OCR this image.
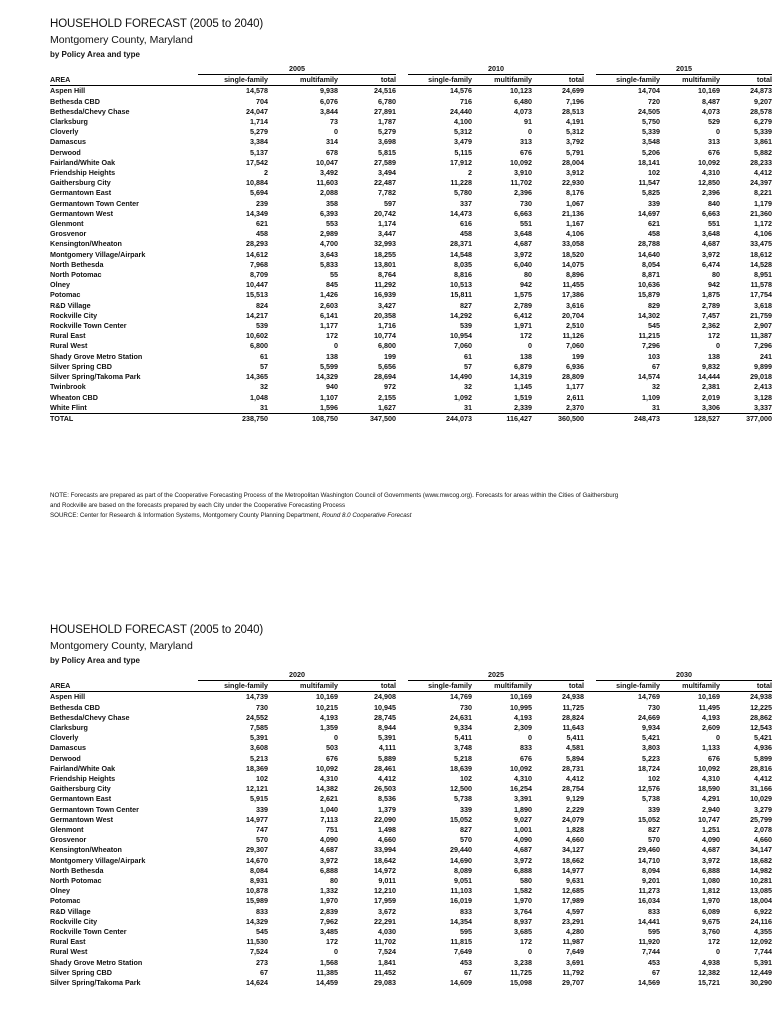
HOUSEHOLD FORECAST (2005 to 2040)
Montgomery County, Maryland
by Policy Area and type
	2005				2010				2015		
AREA	single-family	multifamily	total		single-family	multifamily	total		single-family	multifamily	total
Aspen Hill	14,578	9,938	24,516		14,576	10,123	24,699		14,704	10,169	24,873
Bethesda CBD	704	6,076	6,780		716	6,480	7,196		720	8,487	9,207
Bethesda/Chevy Chase	24,047	3,844	27,891		24,440	4,073	28,513		24,505	4,073	28,578
Clarksburg	1,714	73	1,787		4,100	91	4,191		5,750	529	6,279
Cloverly	5,279	0	5,279		5,312	0	5,312		5,339	0	5,339
Damascus	3,384	314	3,698		3,479	313	3,792		3,548	313	3,861
Derwood	5,137	678	5,815		5,115	676	5,791		5,206	676	5,882
Fairland/White Oak	17,542	10,047	27,589		17,912	10,092	28,004		18,141	10,092	28,233
Friendship Heights	2	3,492	3,494		2	3,910	3,912		102	4,310	4,412
Gaithersburg City	10,884	11,603	22,487		11,228	11,702	22,930		11,547	12,850	24,397
Germantown East	5,694	2,088	7,782		5,780	2,396	8,176		5,825	2,396	8,221
Germantown Town Center	239	358	597		337	730	1,067		339	840	1,179
Germantown West	14,349	6,393	20,742		14,473	6,663	21,136		14,697	6,663	21,360
Glenmont	621	553	1,174		616	551	1,167		621	551	1,172
Grosvenor	458	2,989	3,447		458	3,648	4,106		458	3,648	4,106
Kensington/Wheaton	28,293	4,700	32,993		28,371	4,687	33,058		28,788	4,687	33,475
Montgomery Village/Airpark	14,612	3,643	18,255		14,548	3,972	18,520		14,640	3,972	18,612
North Bethesda	7,968	5,833	13,801		8,035	6,040	14,075		8,054	6,474	14,528
North Potomac	8,709	55	8,764		8,816	80	8,896		8,871	80	8,951
Olney	10,447	845	11,292		10,513	942	11,455		10,636	942	11,578
Potomac	15,513	1,426	16,939		15,811	1,575	17,386		15,879	1,875	17,754
R&D Village	824	2,603	3,427		827	2,789	3,616		829	2,789	3,618
Rockville City	14,217	6,141	20,358		14,292	6,412	20,704		14,302	7,457	21,759
Rockville Town Center	539	1,177	1,716		539	1,971	2,510		545	2,362	2,907
Rural East	10,602	172	10,774		10,954	172	11,126		11,215	172	11,387
Rural West	6,800	0	6,800		7,060	0	7,060		7,296	0	7,296
Shady Grove Metro Station	61	138	199		61	138	199		103	138	241
Silver Spring CBD	57	5,599	5,656		57	6,879	6,936		67	9,832	9,899
Silver Spring/Takoma Park	14,365	14,329	28,694		14,490	14,319	28,809		14,574	14,444	29,018
Twinbrook	32	940	972		32	1,145	1,177		32	2,381	2,413
Wheaton CBD	1,048	1,107	2,155		1,092	1,519	2,611		1,109	2,019	3,128
White Flint	31	1,596	1,627		31	2,339	2,370		31	3,306	3,337
TOTAL	238,750	108,750	347,500		244,073	116,427	360,500		248,473	128,527	377,000
NOTE: Forecasts are prepared as part of the Cooperative Forecasting Process of the Metropolitan Washington Council of Governments (www.mwcog.org). Forecasts for areas within the Cities of Gaithersburg
and Rockville are based on the forecasts prepared by each City under the Cooperative Forecasting Process
SOURCE: Center for Research & Information Systems, Montgomery County Planning Department, Round 8.0 Cooperative Forecast
HOUSEHOLD FORECAST (2005 to 2040)
Montgomery County, Maryland
by Policy Area and type
	2020				2025				2030		
AREA	single-family	multifamily	total		single-family	multifamily	total		single-family	multifamily	total
Aspen Hill	14,739	10,169	24,908		14,769	10,169	24,938		14,769	10,169	24,938
Bethesda CBD	730	10,215	10,945		730	10,995	11,725		730	11,495	12,225
Bethesda/Chevy Chase	24,552	4,193	28,745		24,631	4,193	28,824		24,669	4,193	28,862
Clarksburg	7,585	1,359	8,944		9,334	2,309	11,643		9,934	2,609	12,543
Cloverly	5,391	0	5,391		5,411	0	5,411		5,421	0	5,421
Damascus	3,608	503	4,111		3,748	833	4,581		3,803	1,133	4,936
Derwood	5,213	676	5,889		5,218	676	5,894		5,223	676	5,899
Fairland/White Oak	18,369	10,092	28,461		18,639	10,092	28,731		18,724	10,092	28,816
Friendship Heights	102	4,310	4,412		102	4,310	4,412		102	4,310	4,412
Gaithersburg City	12,121	14,382	26,503		12,500	16,254	28,754		12,576	18,590	31,166
Germantown East	5,915	2,621	8,536		5,738	3,391	9,129		5,738	4,291	10,029
Germantown Town Center	339	1,040	1,379		339	1,890	2,229		339	2,940	3,279
Germantown West	14,977	7,113	22,090		15,052	9,027	24,079		15,052	10,747	25,799
Glenmont	747	751	1,498		827	1,001	1,828		827	1,251	2,078
Grosvenor	570	4,090	4,660		570	4,090	4,660		570	4,090	4,660
Kensington/Wheaton	29,307	4,687	33,994		29,440	4,687	34,127		29,460	4,687	34,147
Montgomery Village/Airpark	14,670	3,972	18,642		14,690	3,972	18,662		14,710	3,972	18,682
North Bethesda	8,084	6,888	14,972		8,089	6,888	14,977		8,094	6,888	14,982
North Potomac	8,931	80	9,011		9,051	580	9,631		9,201	1,080	10,281
Olney	10,878	1,332	12,210		11,103	1,582	12,685		11,273	1,812	13,085
Potomac	15,989	1,970	17,959		16,019	1,970	17,989		16,034	1,970	18,004
R&D Village	833	2,839	3,672		833	3,764	4,597		833	6,089	6,922
Rockville City	14,329	7,962	22,291		14,354	8,937	23,291		14,441	9,675	24,116
Rockville Town Center	545	3,485	4,030		595	3,685	4,280		595	3,760	4,355
Rural East	11,530	172	11,702		11,815	172	11,987		11,920	172	12,092
Rural West	7,524	0	7,524		7,649	0	7,649		7,744	0	7,744
Shady Grove Metro Station	273	1,568	1,841		453	3,238	3,691		453	4,938	5,391
Silver Spring CBD	67	11,385	11,452		67	11,725	11,792		67	12,382	12,449
Silver Spring/Takoma Park	14,624	14,459	29,083		14,609	15,098	29,707		14,569	15,721	30,290
